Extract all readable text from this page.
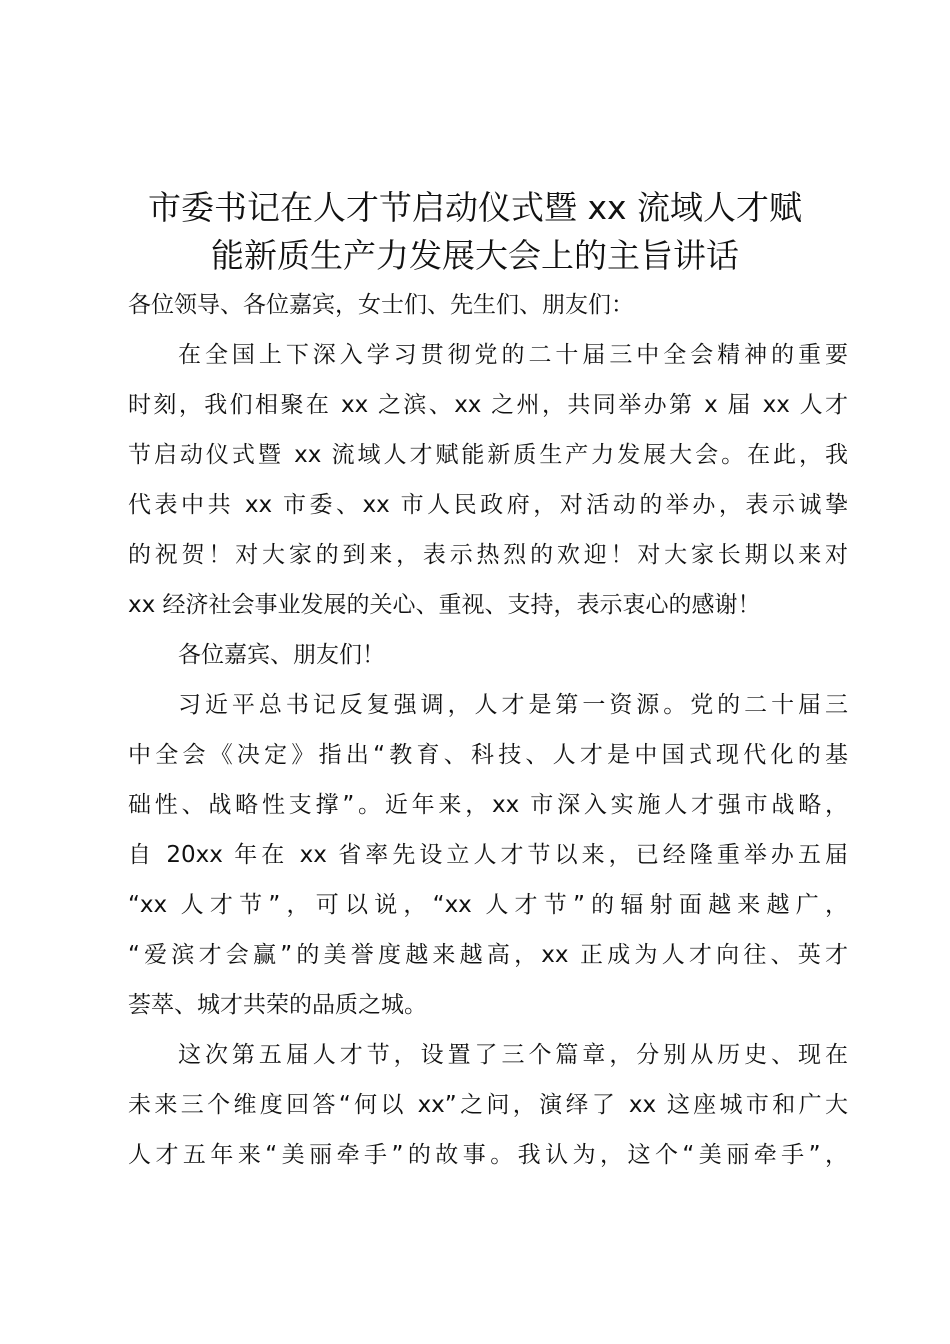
市委书记在人才节启动仪式暨 xx 流域人才赋
能新质生产力发展大会上的主旨讲话
各位领导、各位嘉宾，女士们、先生们、朋友们：
在全国上下深入学习贯彻党的二十届三中全会精神的重要
时刻，我们相聚在 xx 之滨、xx 之州，共同举办第 x 届 xx 人才
节启动仪式暨 xx 流域人才赋能新质生产力发展大会。在此，我
代表中共 xx 市委、xx 市人民政府，对活动的举办，表示诚挚
的祝贺！对大家的到来，表示热烈的欢迎！对大家长期以来对
xx 经济社会事业发展的关心、重视、支持，表示衷心的感谢！
各位嘉宾、朋友们！
习近平总书记反复强调，人才是第一资源。党的二十届三
中全会《决定》指出“教育、科技、人才是中国式现代化的基
础性、战略性支撑”。近年来，xx 市深入实施人才强市战略，
自 20xx 年在 xx 省率先设立人才节以来，已经隆重举办五届
“xx 人才节”，可以说，“xx 人才节”的辐射面越来越广，
“爱滨才会赢”的美誉度越来越高，xx 正成为人才向往、英才
荟萃、城才共荣的品质之城。
这次第五届人才节，设置了三个篇章，分别从历史、现在
未来三个维度回答“何以 xx”之问，演绎了 xx 这座城市和广大
人才五年来“美丽牵手”的故事。我认为，这个“美丽牵手”，
